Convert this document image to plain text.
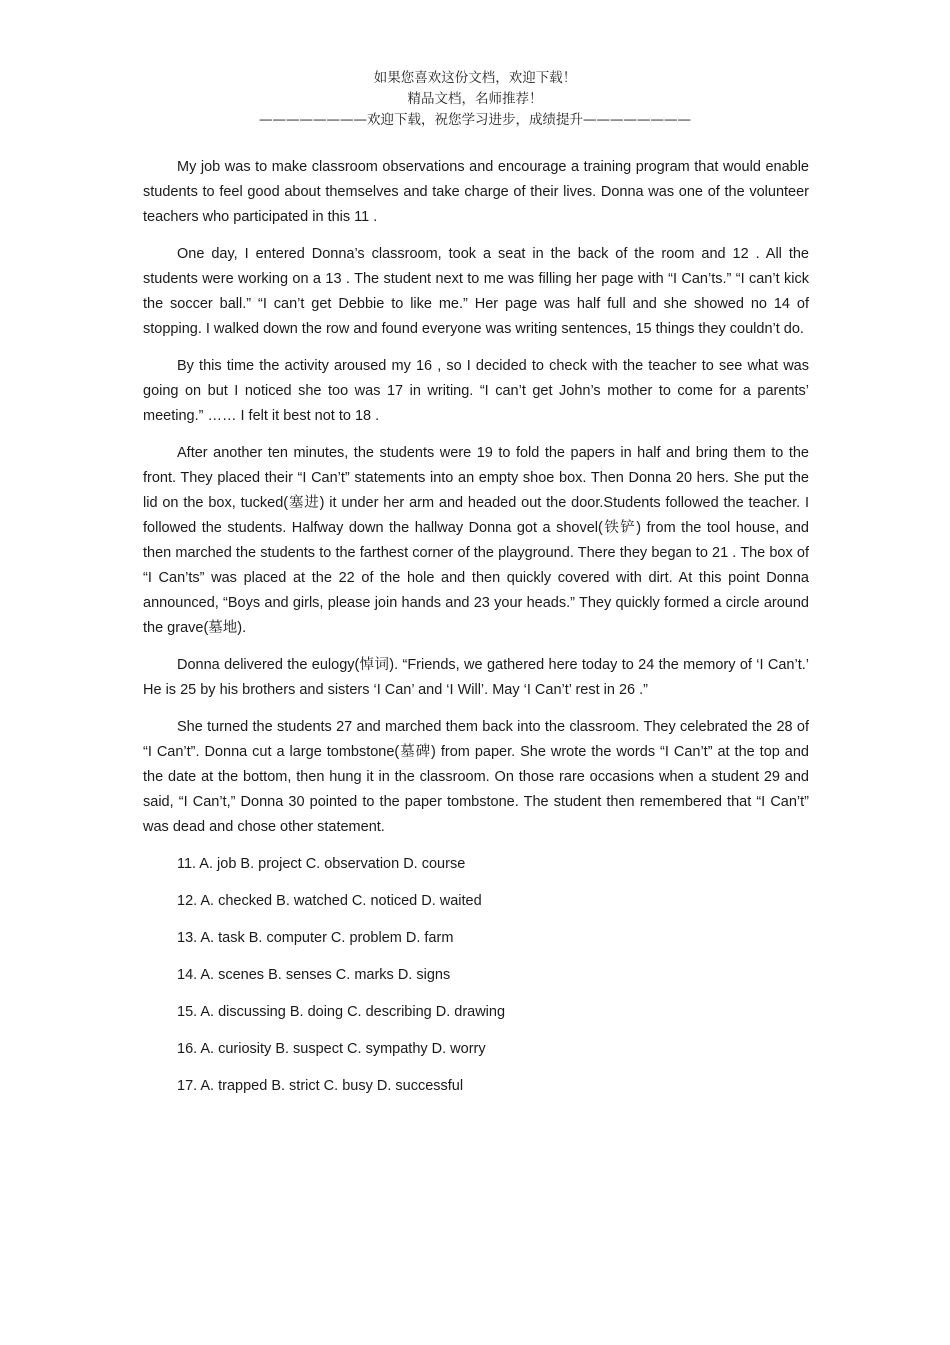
如果您喜欢这份文档，欢迎下载！
精品文档，名师推荐！
————————欢迎下载，祝您学习进步，成绩提升————————

My job was to make classroom observations and encourage a training program that would enable students to feel good about themselves and take charge of their lives. Donna was one of the volunteer teachers who participated in this 11 .

One day, I entered Donna’s classroom, took a seat in the back of the room and 12 . All the students were working on a 13 . The student next to me was filling her page with “I Can’ts.” “I can’t kick the soccer ball.” “I can’t get Debbie to like me.” Her page was half full and she showed no 14 of stopping. I walked down the row and found everyone was writing sentences, 15 things they couldn’t do.

By this time the activity aroused my 16 , so I decided to check with the teacher to see what was going on but I noticed she too was 17 in writing. “I can’t get John’s mother to come for a parents’ meeting.” …… I felt it best not to 18 .

After another ten minutes, the students were 19 to fold the papers in half and bring them to the front. They placed their “I Can’t” statements into an empty shoe box. Then Donna 20 hers. She put the lid on the box, tucked(塞进) it under her arm and headed out the door.Students followed the teacher. I followed the students. Halfway down the hallway Donna got a shovel(铁铲) from the tool house, and then marched the students to the farthest corner of the playground. There they began to 21 . The box of “I Can’ts” was placed at the 22 of the hole and then quickly covered with dirt. At this point Donna announced, “Boys and girls, please join hands and 23 your heads.” They quickly formed a circle around the grave(墓地).

Donna delivered the eulogy(悼词). “Friends, we gathered here today to 24 the memory of ‘I Can’t.’ He is 25 by his brothers and sisters ‘I Can’ and ‘I Will’. May ‘I Can’t’ rest in 26 .”

She turned the students 27 and marched them back into the classroom. They celebrated the 28 of “I Can’t”. Donna cut a large tombstone(墓碑) from paper. She wrote the words “I Can’t” at the top and the date at the bottom, then hung it in the classroom. On those rare occasions when a student 29 and said, “I Can’t,” Donna 30 pointed to the paper tombstone. The student then remembered that “I Can’t” was dead and chose other statement.

11. A. job B. project C. observation D. course
12. A. checked B. watched C. noticed D. waited
13. A. task B. computer C. problem D. farm
14. A. scenes B. senses C. marks D. signs
15. A. discussing B. doing C. describing D. drawing
16. A. curiosity B. suspect C. sympathy D. worry
17. A. trapped B. strict C. busy D. successful
